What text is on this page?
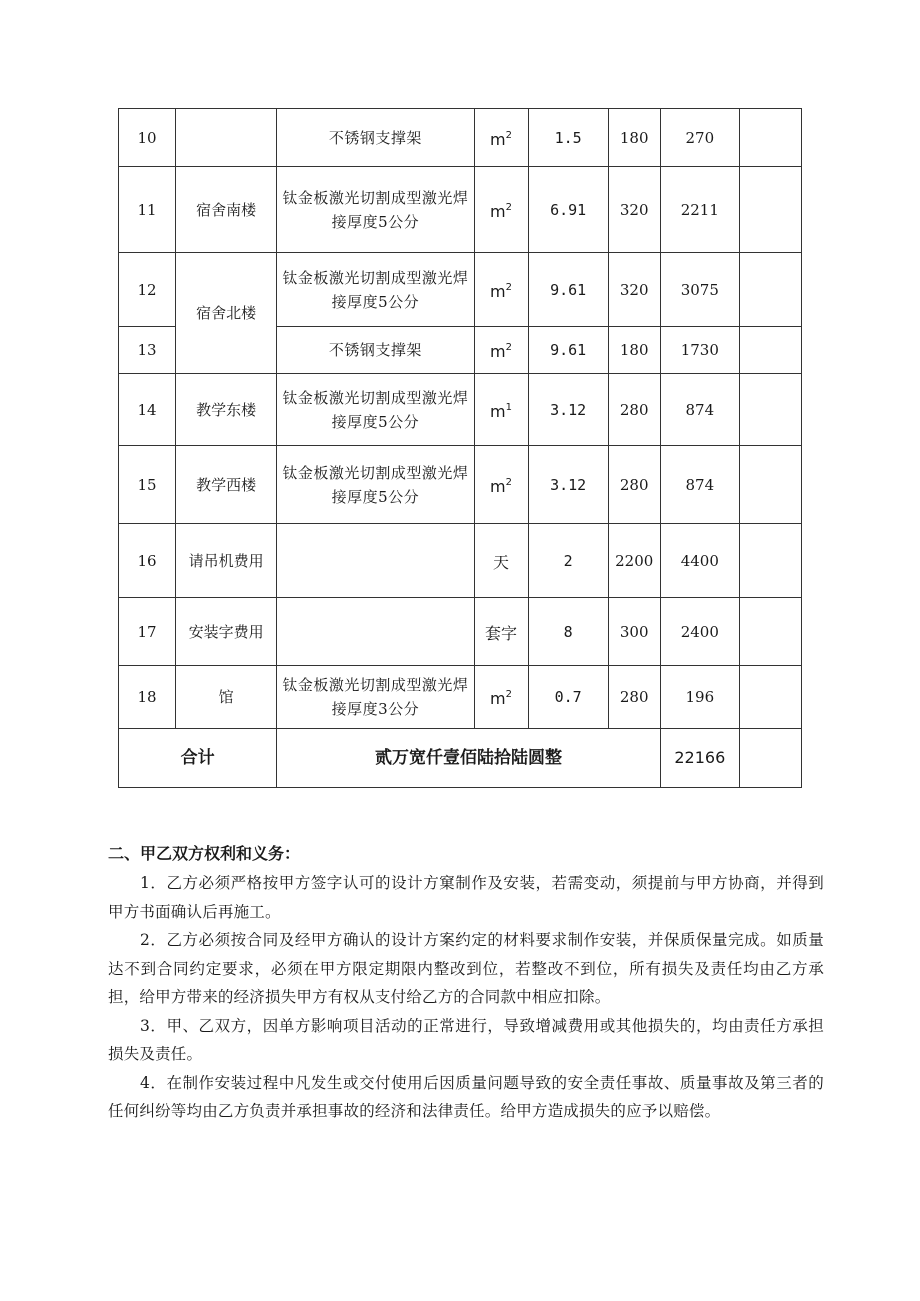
10		不锈钢支撑架	$m^2$	1.5	180	270	
11	宿舍南楼	钛金板激光切割成型激光焊接厚度5公分	$m^2$	6.91	320	2211	
12	宿舍北楼	钛金板激光切割成型激光焊接厚度5公分	$m^2$	9.61	320	3075	
13		不锈钢支撑架	$m^2$	9.61	180	1730	
14	教学东楼	钛金板激光切割成型激光焊接厚度5公分	$m^1$	3.12	280	874	
15	教学西楼	钛金板激光切割成型激光焊接厚度5公分	$m^2$	3.12	280	874	
16	请吊机费用		天	2	2200	4400	
17	安装字费用		套字	8	300	2400	
18	馆	钛金板激光切割成型激光焊接厚度3公分	$m^2$	0.7	280	196	
合计		贰万宽仟壹佰陆拾陆圆整				22166	

二、甲乙双方权利和义务：

1．乙方必须严格按甲方签字认可的设计方窠制作及安装，若需变动，须提前与甲方协商，并得到甲方书面确认后再施工。

2．乙方必须按合同及经甲方确认的设计方案约定的材料要求制作安装，并保质保量完成。如质量达不到合同约定要求，必须在甲方限定期限内整改到位，若整改不到位，所有损失及责任均由乙方承担，给甲方带来的经济损失甲方有权从支付给乙方的合同款中相应扣除。

3．甲、乙双方，因单方影响项目活动的正常进行，导致增减费用或其他损失的，均由责任方承担损失及责任。

4．在制作安装过程中凡发生或交付使用后因质量问题导致的安全责任事故、质量事故及第三者的任何纠纷等均由乙方负责并承担事故的经济和法律责任。给甲方造成损失的应予以赔偿。
